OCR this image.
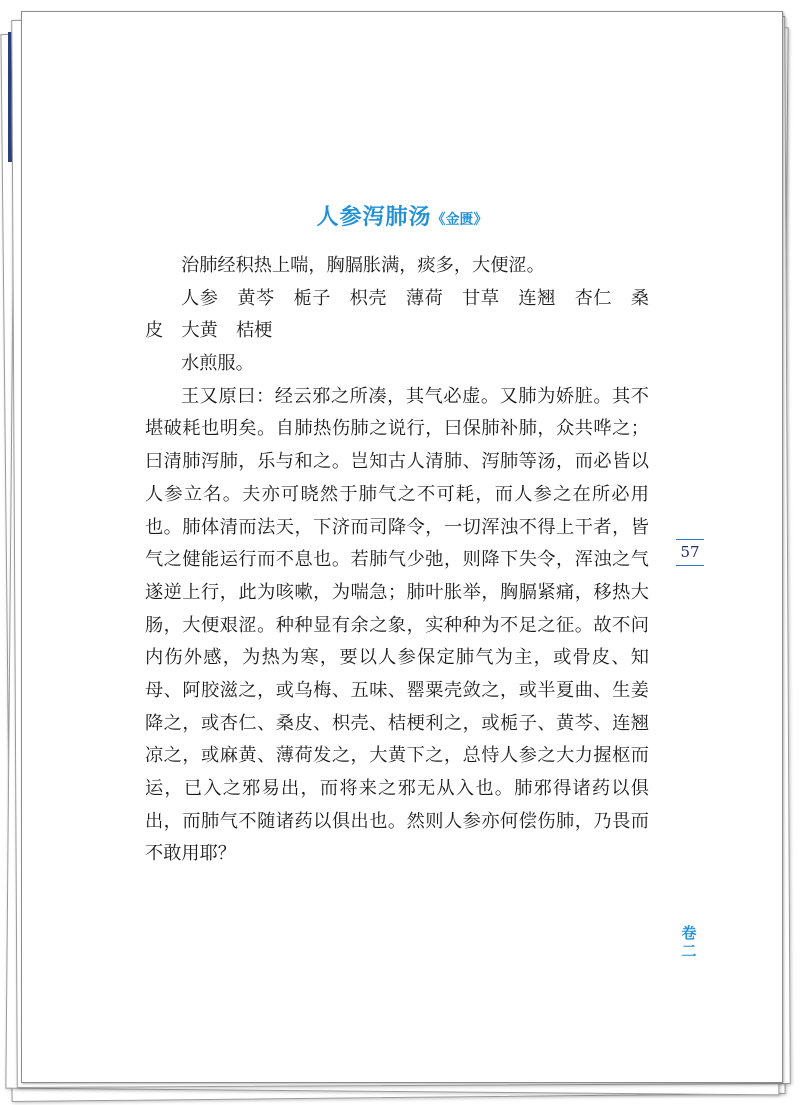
人参泻肺汤《金匮》
治肺经积热上喘，胸膈胀满，痰多，大便涩。
人参　黄芩　栀子　枳壳　薄荷　甘草　连翘　杏仁　桑
皮　大黄　桔梗
水煎服。
王又原曰：经云邪之所凑，其气必虚。又肺为娇脏。其不
堪破耗也明矣。自肺热伤肺之说行，曰保肺补肺，众共哗之；
曰清肺泻肺，乐与和之。岂知古人清肺、泻肺等汤，而必皆以
人参立名。夫亦可晓然于肺气之不可耗，而人参之在所必用
也。肺体清而法天，下济而司降令，一切浑浊不得上干者，皆
气之健能运行而不息也。若肺气少弛，则降下失令，浑浊之气
遂逆上行，此为咳嗽，为喘急；肺叶胀举，胸膈紧痛，移热大
肠，大便艰涩。种种显有余之象，实种种为不足之征。故不问
内伤外感，为热为寒，要以人参保定肺气为主，或骨皮、知
母、阿胶滋之，或乌梅、五味、罂粟壳敛之，或半夏曲、生姜
降之，或杏仁、桑皮、枳壳、桔梗利之，或栀子、黄芩、连翘
凉之，或麻黄、薄荷发之，大黄下之，总恃人参之大力握枢而
运，已入之邪易出，而将来之邪无从入也。肺邪得诸药以俱
出，而肺气不随诸药以俱出也。然则人参亦何偿伤肺，乃畏而
不敢用耶？
57
卷
二
